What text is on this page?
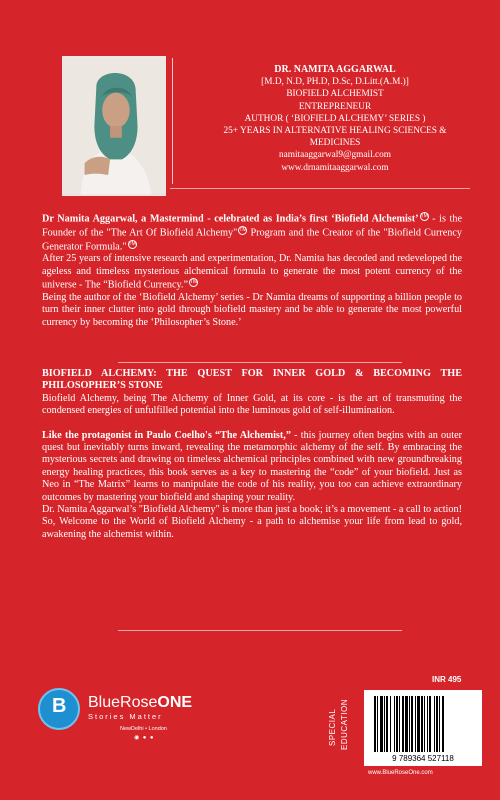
DR. NAMITA AGGARWAL
[M.D, N.D, PH.D, D.Sc, D.Litt.(A.M.)]
BIOFIELD ALCHEMIST
ENTREPRENEUR
AUTHOR ( ‘BIOFIELD ALCHEMY’ SERIES )
25+ YEARS IN ALTERNATIVE HEALING SCIENCES &
MEDICINES
namitaaggarwal9@gmail.com
www.drnamitaaggarwal.com

Dr Namita Aggarwal, a Mastermind - celebrated as India’s first ‘Biofield Alchemist’ TM - is the Founder of the "The Art Of Biofield Alchemy" TM Program and the Creator of the "Biofield Currency Generator Formula." TM

After 25 years of intensive research and experimentation, Dr. Namita has decoded and redeveloped the ageless and timeless mysterious alchemical formula to generate the most potent currency of the universe - The “Biofield Currency.” TM

Being the author of the ‘Biofield Alchemy’ series - Dr Namita dreams of supporting a billion people to turn their inner clutter into gold through biofield mastery and be able to generate the most powerful currency by becoming the ‘Philosopher’s Stone.’

BIOFIELD ALCHEMY: THE QUEST FOR INNER GOLD & BECOMING THE PHILOSOPHER’S STONE

Biofield Alchemy, being The Alchemy of Inner Gold, at its core - is the art of transmuting the condensed energies of unfulfilled potential into the luminous gold of self-illumination.

Like the protagonist in Paulo Coelho's “The Alchemist,” - this journey often begins with an outer quest but inevitably turns inward, revealing the metamorphic alchemy of the self. By embracing the mysterious secrets and drawing on timeless alchemical principles combined with new groundbreaking energy healing practices, this book serves as a key to mastering the “code” of your biofield. Just as Neo in “The Matrix” learns to manipulate the code of his reality, you too can achieve extraordinary outcomes by mastering your biofield and shaping your reality.

Dr. Namita Aggarwal’s "Biofield Alchemy" is more than just a book; it’s a movement - a call to action!

So, Welcome to the World of Biofield Alchemy - a path to alchemise your life from lead to gold, awakening the alchemist within.

B BlueRoseONE
Stories Matter
NewDelhi • London
◉ ● ●
INR 495
SPECIAL EDUCATION
9 789364 527118
www.BlueRoseOne.com
